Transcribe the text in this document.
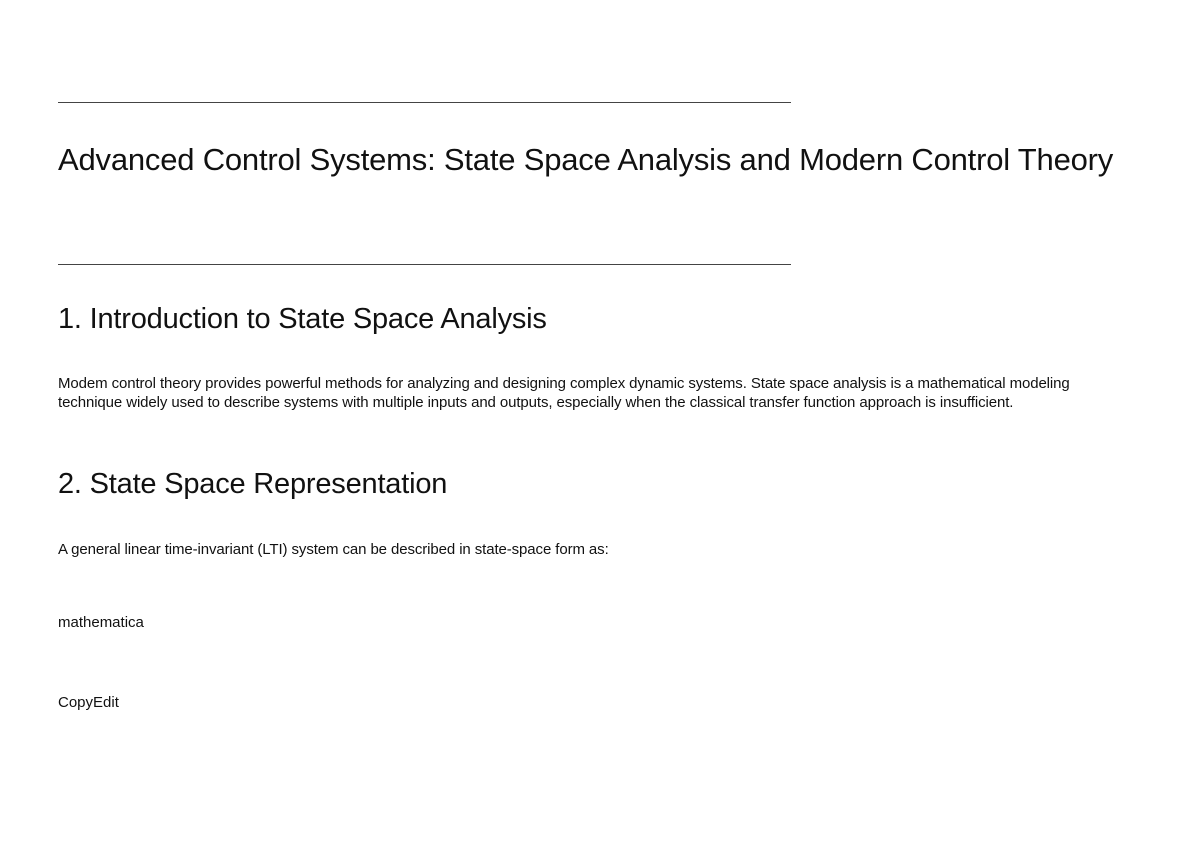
Advanced Control Systems: State Space Analysis and Modern Control Theory
1. Introduction to State Space Analysis

Modem control theory provides powerful methods for analyzing and designing complex dynamic systems. State space analysis is a mathematical modeling technique widely used to describe systems with multiple inputs and outputs, especially when the classical transfer function approach is insufficient.

2. State Space Representation

A general linear time-invariant (LTI) system can be described in state-space form as:

mathematica

CopyEdit
